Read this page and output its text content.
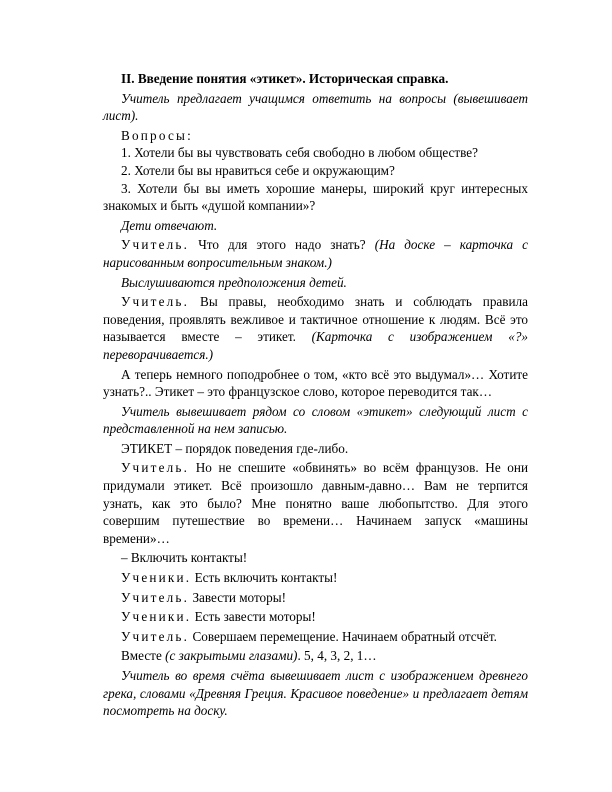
II. Введение понятия «этикет». Историческая справка.

Учитель предлагает учащимся ответить на вопросы (вывешивает лист).

Вопросы:

1. Хотели бы вы чувствовать себя свободно в любом обществе?

2. Хотели бы вы нравиться себе и окружающим?

3. Хотели бы вы иметь хорошие манеры, широкий круг интересных знакомых и быть «душой компании»?

Дети отвечают.

Учитель. Что для этого надо знать? (На доске – карточка с нарисованным вопросительным знаком.)

Выслушиваются предположения детей.

Учитель. Вы правы, необходимо знать и соблюдать правила поведения, проявлять вежливое и тактичное отношение к людям. Всё это называется вместе – этикет. (Карточка с изображением «?» переворачивается.)

А теперь немного поподробнее о том, «кто всё это выдумал»… Хотите узнать?.. Этикет – это французское слово, которое переводится так…

Учитель вывешивает рядом со словом «этикет» следующий лист с представленной на нем записью.

ЭТИКЕТ – порядок поведения где-либо.

Учитель. Но не спешите «обвинять» во всём французов. Не они придумали этикет. Всё произошло давным-давно… Вам не терпится узнать, как это было? Мне понятно ваше любопытство. Для этого совершим путешествие во времени… Начинаем запуск «машины времени»…

– Включить контакты!

Ученики. Есть включить контакты!

Учитель. Завести моторы!

Ученики. Есть завести моторы!

Учитель. Совершаем перемещение. Начинаем обратный отсчёт.

Вместе (с закрытыми глазами). 5, 4, 3, 2, 1…

Учитель во время счёта вывешивает лист с изображением древнего грека, словами «Древняя Греция. Красивое поведение» и предлагает детям посмотреть на доску.
